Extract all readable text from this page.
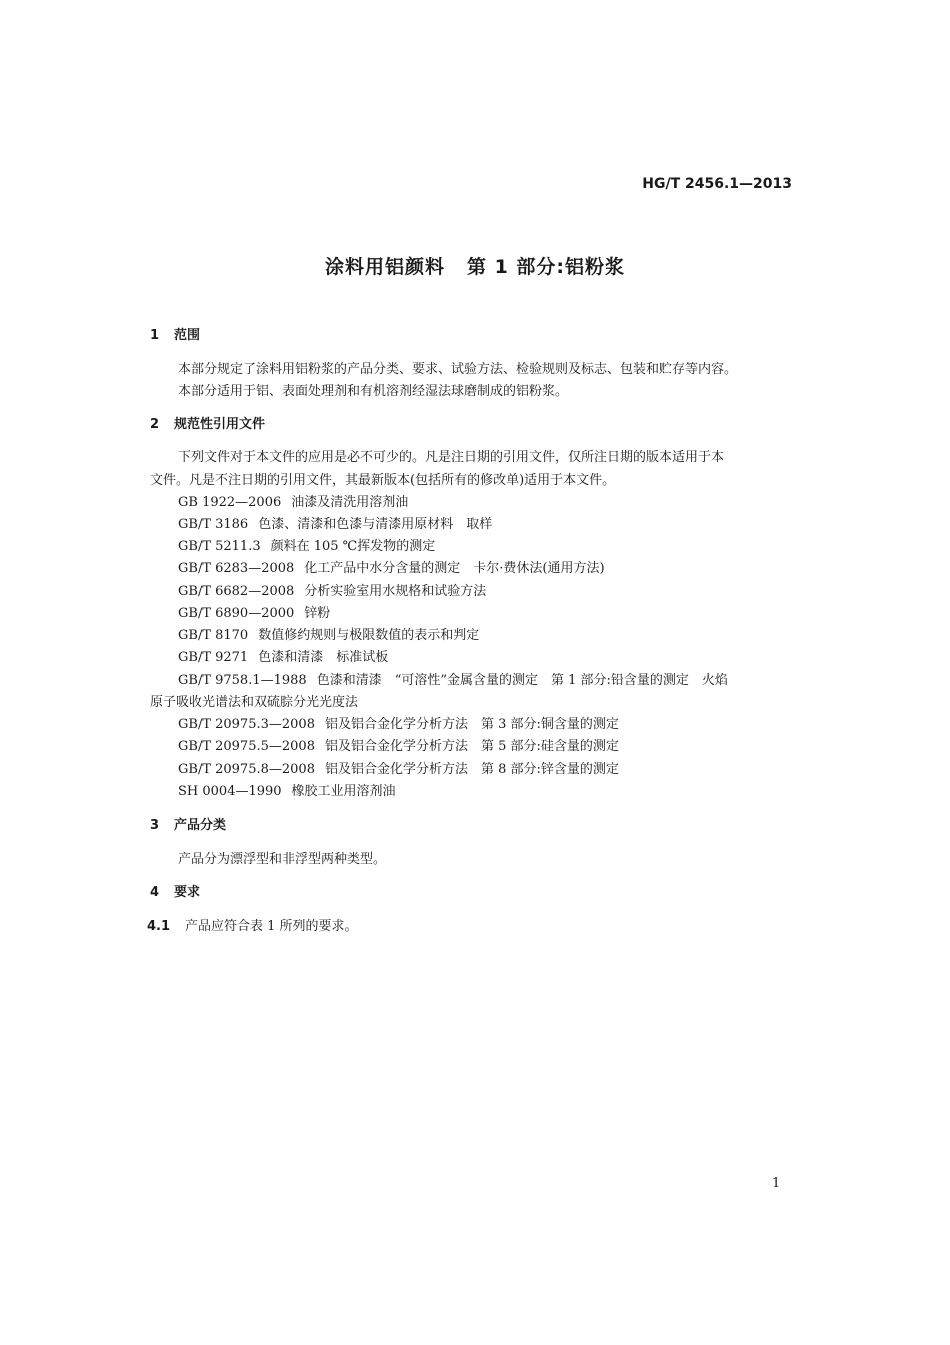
HG/T 2456.1—2013
涂料用铝颜料 第 1 部分:铝粉浆
1 范围
本部分规定了涂料用铝粉浆的产品分类、要求、试验方法、检验规则及标志、包装和贮存等内容。
本部分适用于铝、表面处理剂和有机溶剂经湿法球磨制成的铝粉浆。
2 规范性引用文件
下列文件对于本文件的应用是必不可少的。凡是注日期的引用文件，仅所注日期的版本适用于本
文件。凡是不注日期的引用文件，其最新版本(包括所有的修改单)适用于本文件。
GB 1922—2006 油漆及清洗用溶剂油
GB/T 3186 色漆、清漆和色漆与清漆用原材料　取样
GB/T 5211.3 颜料在 105 ℃挥发物的测定
GB/T 6283—2008 化工产品中水分含量的测定　卡尔·费休法(通用方法)
GB/T 6682—2008 分析实验室用水规格和试验方法
GB/T 6890—2000 锌粉
GB/T 8170 数值修约规则与极限数值的表示和判定
GB/T 9271 色漆和清漆　标准试板
GB/T 9758.1—1988 色漆和清漆　“可溶性”金属含量的测定　第 1 部分:铅含量的测定　火焰
原子吸收光谱法和双硫腙分光光度法
GB/T 20975.3—2008 铝及铝合金化学分析方法　第 3 部分:铜含量的测定
GB/T 20975.5—2008 铝及铝合金化学分析方法　第 5 部分:硅含量的测定
GB/T 20975.8—2008 铝及铝合金化学分析方法　第 8 部分:锌含量的测定
SH 0004—1990 橡胶工业用溶剂油
3 产品分类
产品分为漂浮型和非浮型两种类型。
4 要求
4.1 产品应符合表 1 所列的要求。
1
